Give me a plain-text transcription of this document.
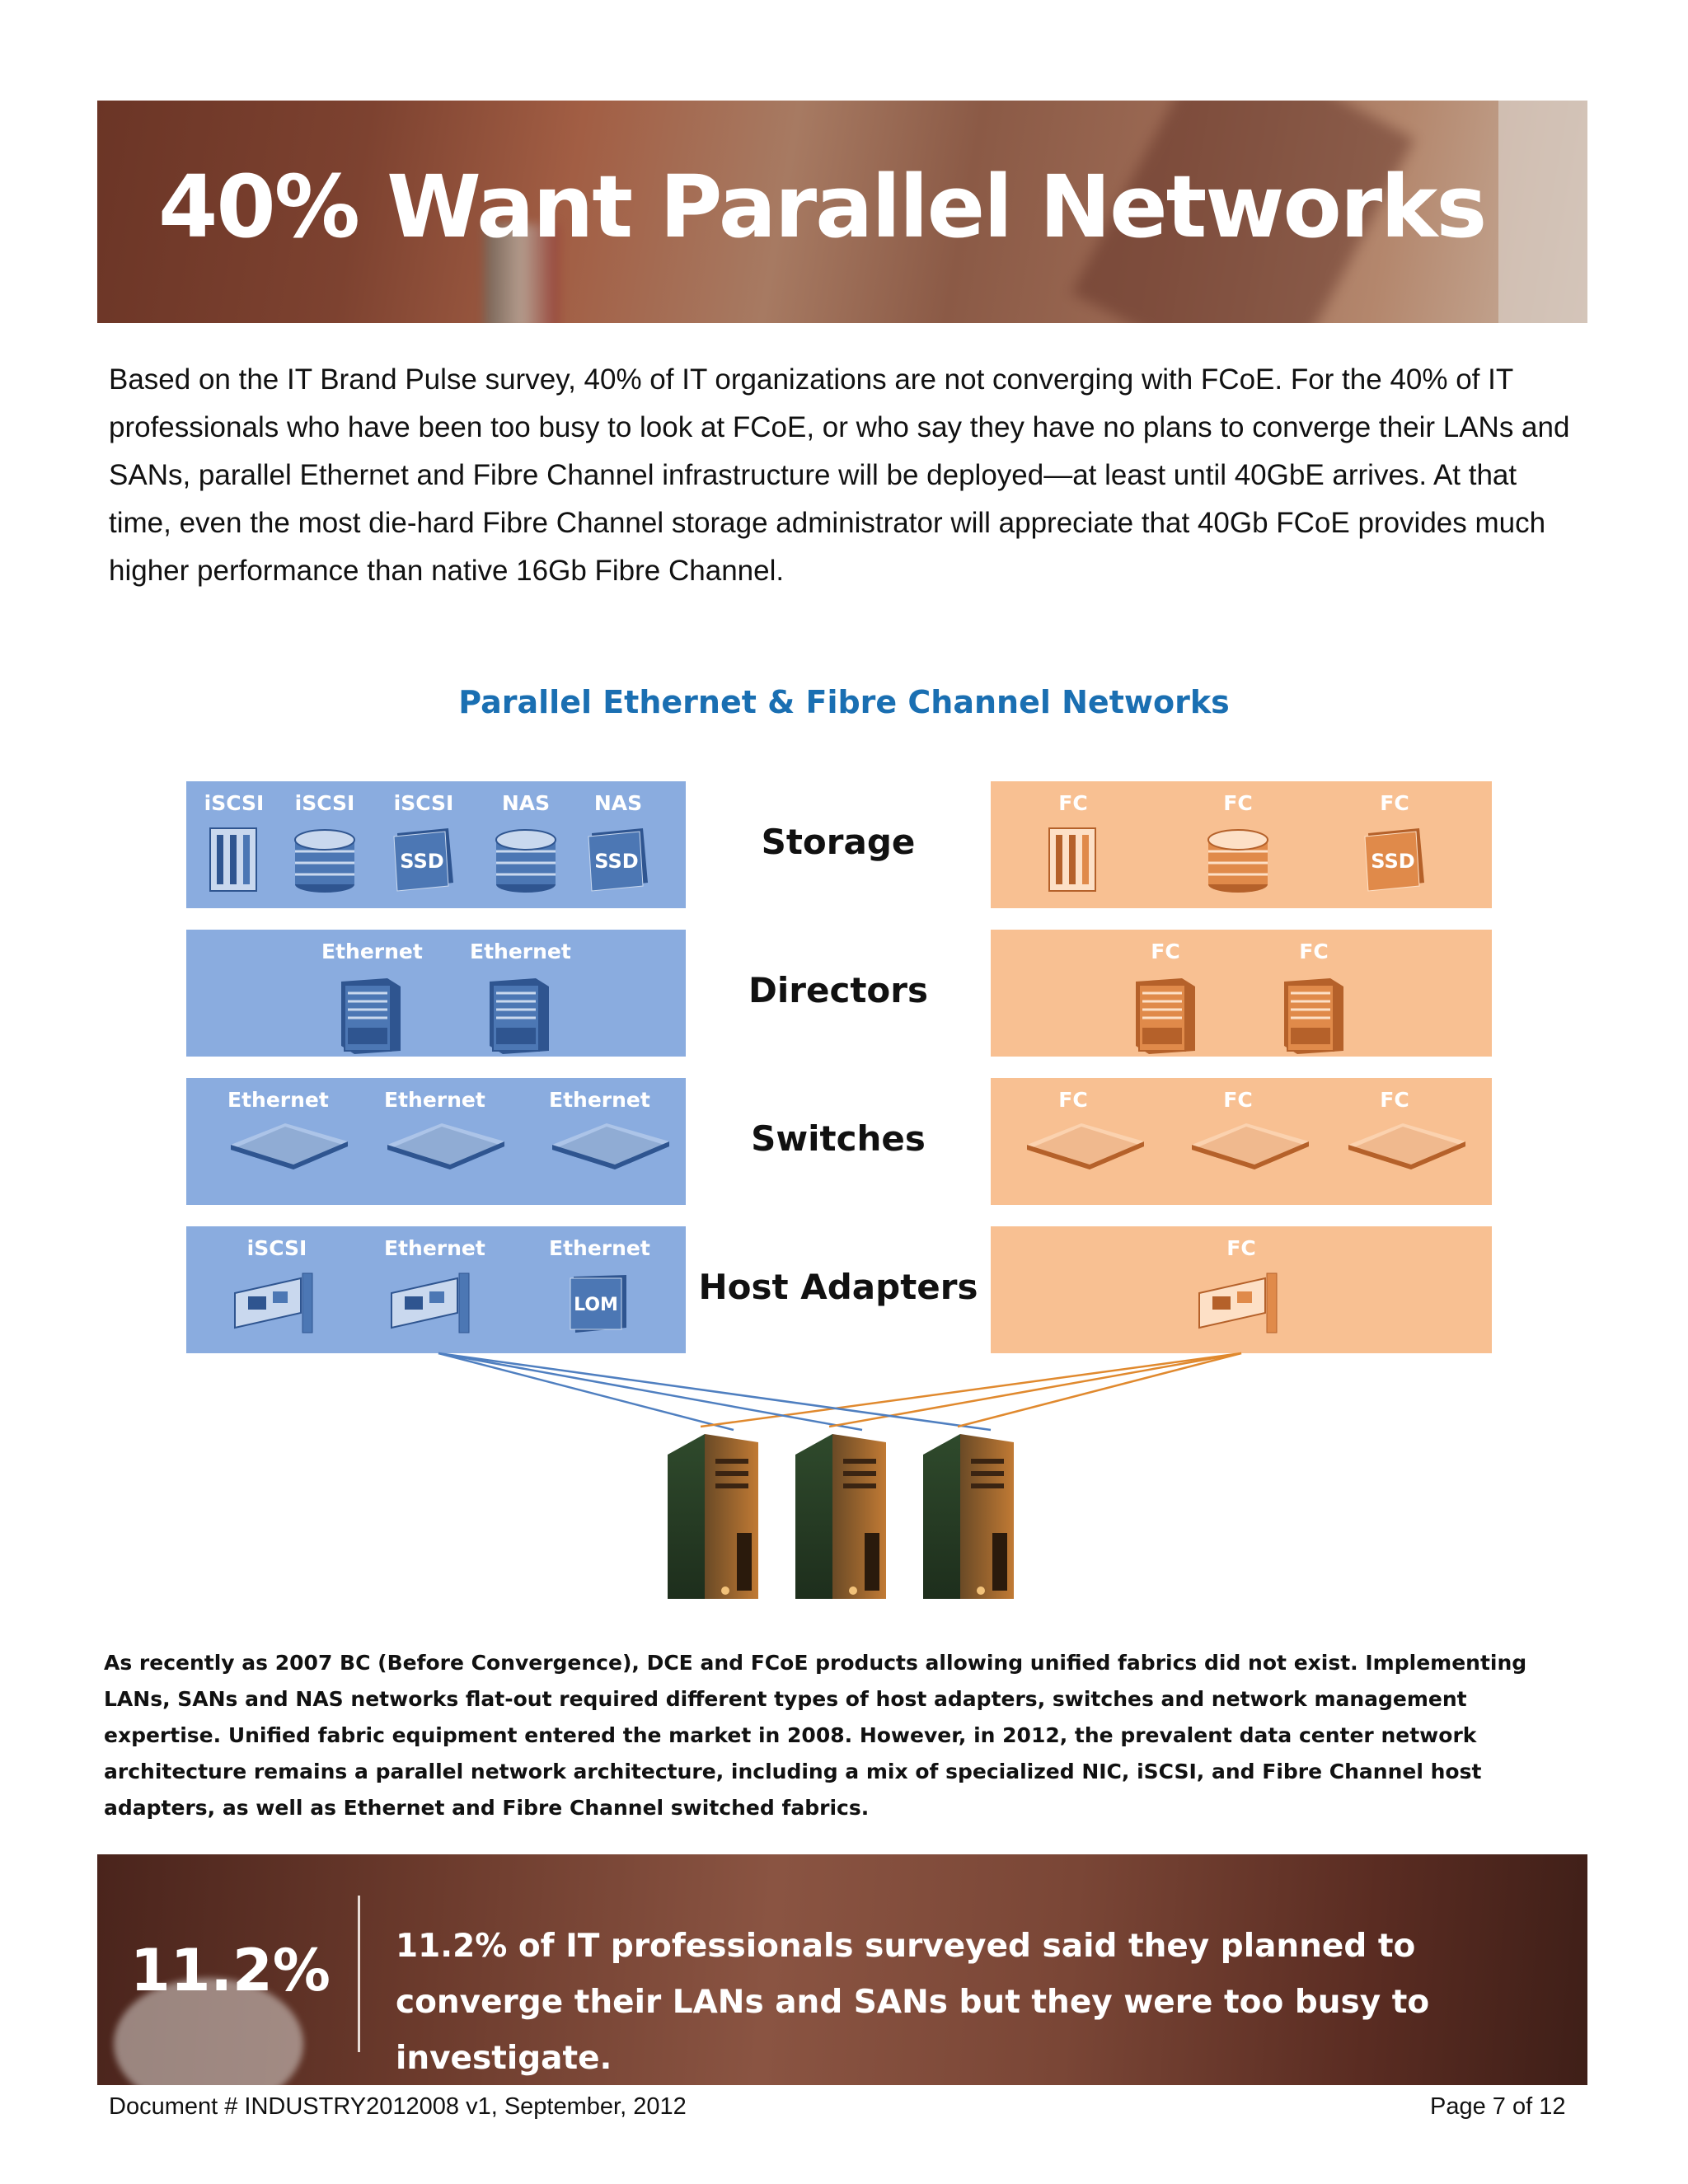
40% Want Parallel Networks

Based on the IT Brand Pulse survey, 40% of IT organizations are not converging with FCoE. For the 40% of IT professionals who have been too busy to look at FCoE, or who say they have no plans to converge their LANs and SANs, parallel Ethernet and Fibre Channel infrastructure will be deployed—at least until 40GbE arrives. At that time, even the most die-hard Fibre Channel storage administrator will appreciate that 40Gb FCoE provides much higher performance than native 16Gb Fibre Channel.

Parallel Ethernet & Fibre Channel Networks
iSCSI	iSCSI	iSCSI
SSD
NAS	NAS
SSD
FC	FC	FC
SSD
Storage
Ethernet Ethernet	FC	FC
Directors
Ethernet	Ethernet	Ethernet	FC	FC	FC
Switches
iSCSI	Ethernet	Ethernet
LOM
FC
Host Adapters

As recently as 2007 BC (Before Convergence), DCE and FCoE products allowing unified fabrics did not exist. Implementing LANs, SANs and NAS networks flat-out required different types of host adapters, switches and network management expertise. Unified fabric equipment entered the market in 2008. However, in 2012, the prevalent data center network architecture remains a parallel network architecture, including a mix of specialized NIC, iSCSI, and Fibre Channel host adapters, as well as Ethernet and Fibre Channel switched fabrics.

11.2% 11.2% of IT professionals surveyed said they planned to converge their LANs and SANs but they were too busy to investigate.
Document # INDUSTRY2012008 v1, September, 2012	Page 7 of 12
